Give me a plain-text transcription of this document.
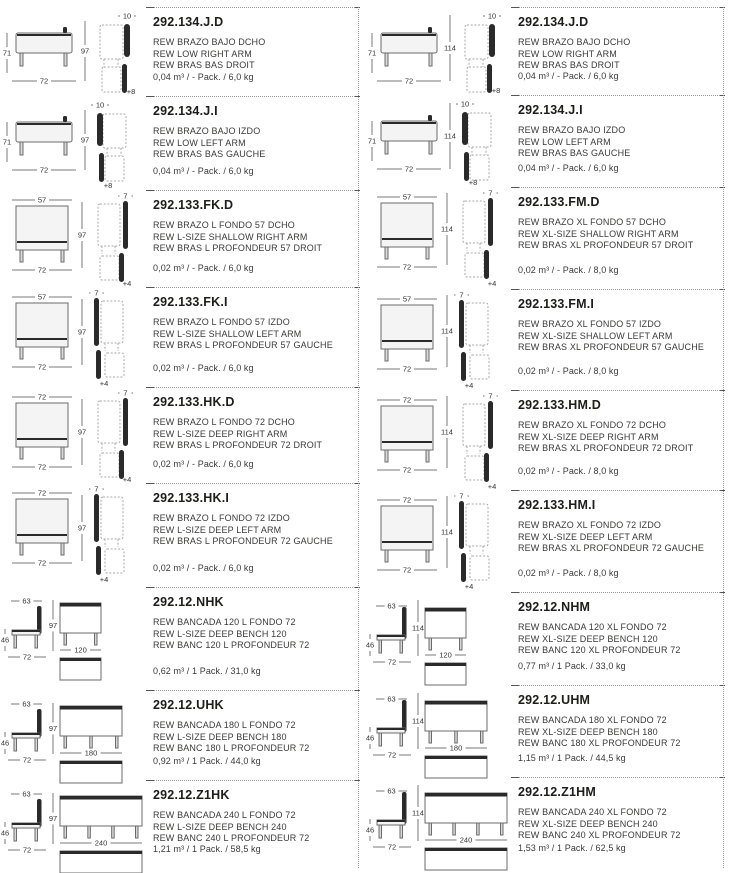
71
72
97
10
+8
292.134.J.D
REW BRAZO BAJO DCHO
REW LOW RIGHT ARM
REW BRAS BAS DROIT
0,04 m³ / - Pack. / 6,0 kg
71
72
97
10
+8
292.134.J.I
REW BRAZO BAJO IZDO
REW LOW LEFT ARM
REW BRAS BAS GAUCHE
0,04 m³ / - Pack. / 6,0 kg
57
72
97
7
+4
292.133.FK.D
REW BRAZO L FONDO 57 DCHO
REW L-SIZE SHALLOW RIGHT ARM
REW BRAS L PROFONDEUR 57 DROIT
0,02 m³ / - Pack. / 6,0 kg
57
72
97
7
+4
292.133.FK.I
REW BRAZO L FONDO 57 IZDO
REW L-SIZE SHALLOW LEFT ARM
REW BRAS L PROFONDEUR 57 GAUCHE
0,02 m³ / - Pack. / 6,0 kg
72
72
97
7
+4
292.133.HK.D
REW BRAZO L FONDO 72 DCHO
REW L-SIZE DEEP RIGHT ARM
REW BRAS L PROFONDEUR 72 DROIT
0,02 m³ / - Pack. / 6,0 kg
72
72
97
7
+4
292.133.HK.I
REW BRAZO L FONDO 72 IZDO
REW L-SIZE DEEP LEFT ARM
REW BRAS L PROFONDEUR 72 GAUCHE
0,02 m³ / - Pack. / 6,0 kg
63
46
72
97
120
292.12.NHK
REW BANCADA 120 L FONDO 72
REW L-SIZE DEEP BENCH 120
REW BANC 120 L PROFONDEUR 72
0,62 m³ / 1 Pack. / 31,0 kg
63
46
72
97
180
292.12.UHK
REW BANCADA 180 L FONDO 72
REW L-SIZE DEEP BENCH 180
REW BANC 180 L PROFONDEUR 72
0,92 m³ / 1 Pack. / 44,0 kg
63
46
72
97
240
292.12.Z1HK
REW BANCADA 240 L FONDO 72
REW L-SIZE DEEP BENCH 240
REW BANC 240 L PROFONDEUR 72
1,21 m³ / 1 Pack. / 58,5 kg
71
72
114
10
+8
292.134.J.D
REW BRAZO BAJO DCHO
REW LOW RIGHT ARM
REW BRAS BAS DROIT
0,04 m³ / - Pack. / 6,0 kg
71
72
114
10
+8
292.134.J.I
REW BRAZO BAJO IZDO
REW LOW LEFT ARM
REW BRAS BAS GAUCHE
0,04 m³ / - Pack. / 6,0 kg
57
72
114
7
+4
292.133.FM.D
REW BRAZO XL FONDO 57 DCHO
REW XL-SIZE SHALLOW RIGHT ARM
REW BRAS XL PROFONDEUR 57 DROIT
0,02 m³ / - Pack. / 8,0 kg
57
72
114
7
+4
292.133.FM.I
REW BRAZO XL FONDO 57 IZDO
REW XL-SIZE SHALLOW LEFT ARM
REW BRAS XL PROFONDEUR 57 GAUCHE
0,02 m³ / - Pack. / 8,0 kg
72
72
114
7
+4
292.133.HM.D
REW BRAZO XL FONDO 72 DCHO
REW XL-SIZE DEEP RIGHT ARM
REW BRAS XL PROFONDEUR 72 DROIT
0,02 m³ / - Pack. / 8,0 kg
72
72
114
7
+4
292.133.HM.I
REW BRAZO XL FONDO 72 IZDO
REW XL-SIZE DEEP LEFT ARM
REW BRAS XL PROFONDEUR 72 GAUCHE
0,02 m³ / - Pack. / 8,0 kg
63
46
72
114
120
292.12.NHM
REW BANCADA 120 XL FONDO 72
REW XL-SIZE DEEP BENCH 120
REW BANC 120 XL PROFONDEUR 72
0,77 m³ / 1 Pack. / 33,0 kg
63
46
72
114
180
292.12.UHM
REW BANCADA 180 XL FONDO 72
REW XL-SIZE DEEP BENCH 180
REW BANC 180 XL PROFONDEUR 72
1,15 m³ / 1 Pack. / 44,5 kg
63
46
72
114
240
292.12.Z1HM
REW BANCADA 240 XL FONDO 72
REW XL-SIZE DEEP BENCH 240
REW BANC 240 XL PROFONDEUR 72
1,53 m³ / 1 Pack. / 62,5 kg
